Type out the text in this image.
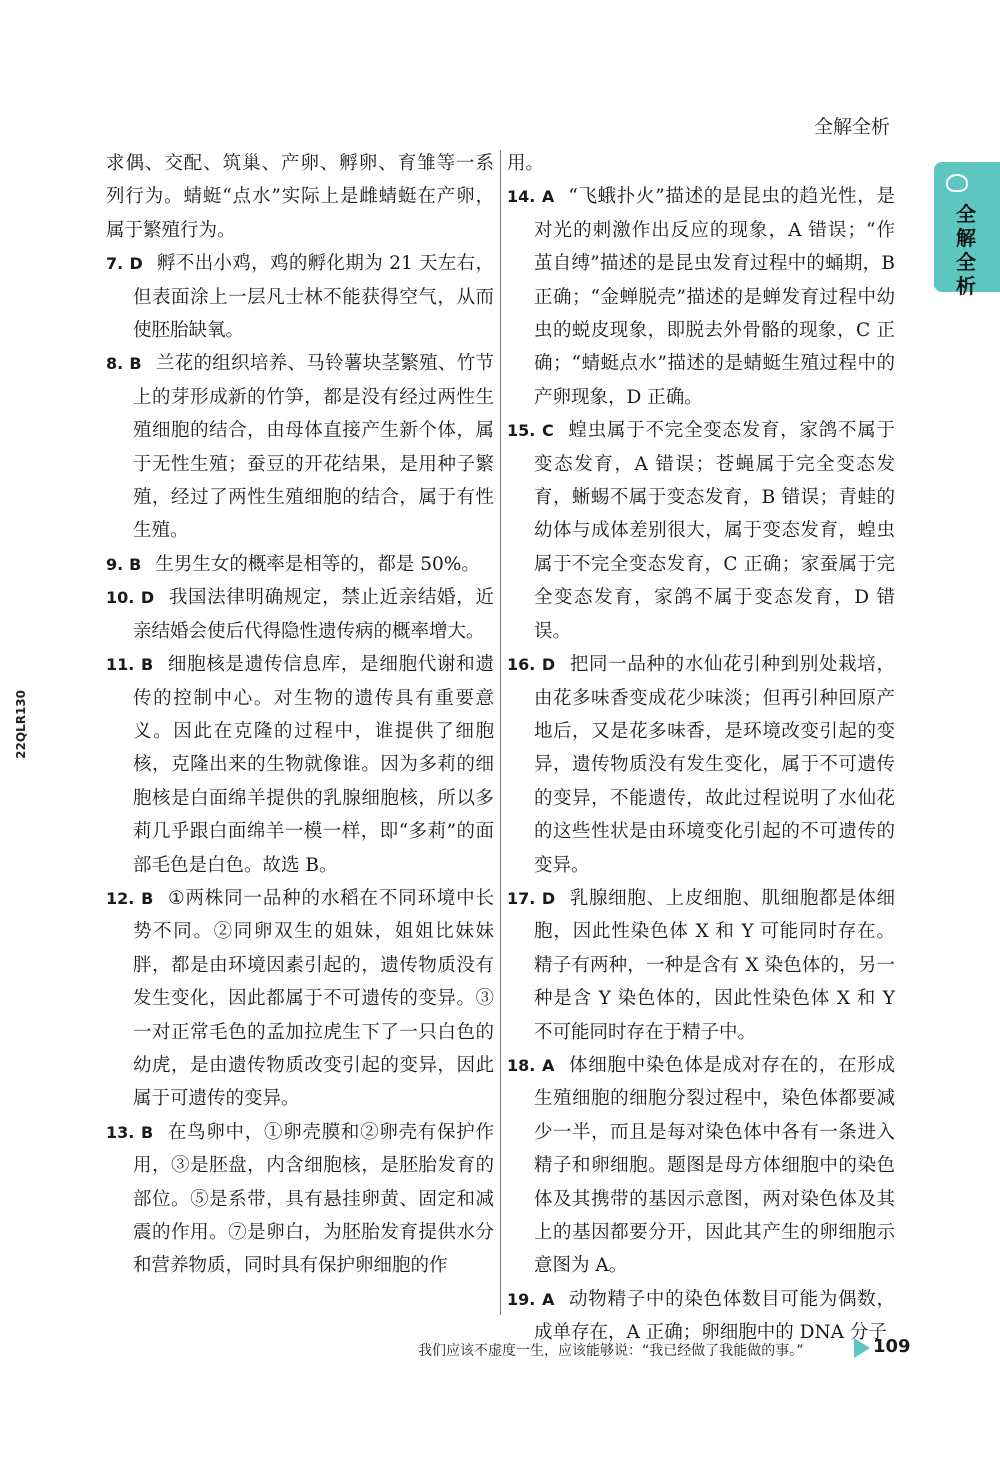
全解全析
全解全析
22QLR130

求偶、交配、筑巢、产卵、孵卵、育雏等一系列行为。蜻蜓“点水”实际上是雌蜻蜓在产卵，属于繁殖行为。

7. D 孵不出小鸡，鸡的孵化期为 21 天左右，但表面涂上一层凡士林不能获得空气，从而使胚胎缺氧。

8. B 兰花的组织培养、马铃薯块茎繁殖、竹节上的芽形成新的竹笋，都是没有经过两性生殖细胞的结合，由母体直接产生新个体，属于无性生殖；蚕豆的开花结果，是用种子繁殖，经过了两性生殖细胞的结合，属于有性生殖。

9. B 生男生女的概率是相等的，都是 50%。

10. D 我国法律明确规定，禁止近亲结婚，近亲结婚会使后代得隐性遗传病的概率增大。

11. B 细胞核是遗传信息库，是细胞代谢和遗传的控制中心。对生物的遗传具有重要意义。因此在克隆的过程中，谁提供了细胞核，克隆出来的生物就像谁。因为多莉的细胞核是白面绵羊提供的乳腺细胞核，所以多莉几乎跟白面绵羊一模一样，即“多莉”的面部毛色是白色。故选 B。

12. B ①两株同一品种的水稻在不同环境中长势不同。②同卵双生的姐妹，姐姐比妹妹胖，都是由环境因素引起的，遗传物质没有发生变化，因此都属于不可遗传的变异。③一对正常毛色的孟加拉虎生下了一只白色的幼虎，是由遗传物质改变引起的变异，因此属于可遗传的变异。

13. B 在鸟卵中，①卵壳膜和②卵壳有保护作用，③是胚盘，内含细胞核，是胚胎发育的部位。⑤是系带，具有悬挂卵黄、固定和减震的作用。⑦是卵白，为胚胎发育提供水分和营养物质，同时具有保护卵细胞的作

用。

14. A “飞蛾扑火”描述的是昆虫的趋光性，是对光的刺激作出反应的现象，A 错误；“作茧自缚”描述的是昆虫发育过程中的蛹期，B 正确；“金蝉脱壳”描述的是蝉发育过程中幼虫的蜕皮现象，即脱去外骨骼的现象，C 正确；“蜻蜓点水”描述的是蜻蜓生殖过程中的产卵现象，D 正确。

15. C 蝗虫属于不完全变态发育，家鸽不属于变态发育，A 错误；苍蝇属于完全变态发育，蜥蜴不属于变态发育，B 错误；青蛙的幼体与成体差别很大，属于变态发育，蝗虫属于不完全变态发育，C 正确；家蚕属于完全变态发育，家鸽不属于变态发育，D 错误。

16. D 把同一品种的水仙花引种到别处栽培，由花多味香变成花少味淡；但再引种回原产地后，又是花多味香，是环境改变引起的变异，遗传物质没有发生变化，属于不可遗传的变异，不能遗传，故此过程说明了水仙花的这些性状是由环境变化引起的不可遗传的变异。

17. D 乳腺细胞、上皮细胞、肌细胞都是体细胞，因此性染色体 X 和 Y 可能同时存在。精子有两种，一种是含有 X 染色体的，另一种是含 Y 染色体的，因此性染色体 X 和 Y 不可能同时存在于精子中。

18. A 体细胞中染色体是成对存在的，在形成生殖细胞的细胞分裂过程中，染色体都要减少一半，而且是每对染色体中各有一条进入精子和卵细胞。题图是母方体细胞中的染色体及其携带的基因示意图，两对染色体及其上的基因都要分开，因此其产生的卵细胞示意图为 A。

19. A 动物精子中的染色体数目可能为偶数，成单存在，A 正确；卵细胞中的 DNA 分子

我们应该不虚度一生，应该能够说：“我已经做了我能做的事。”	109
